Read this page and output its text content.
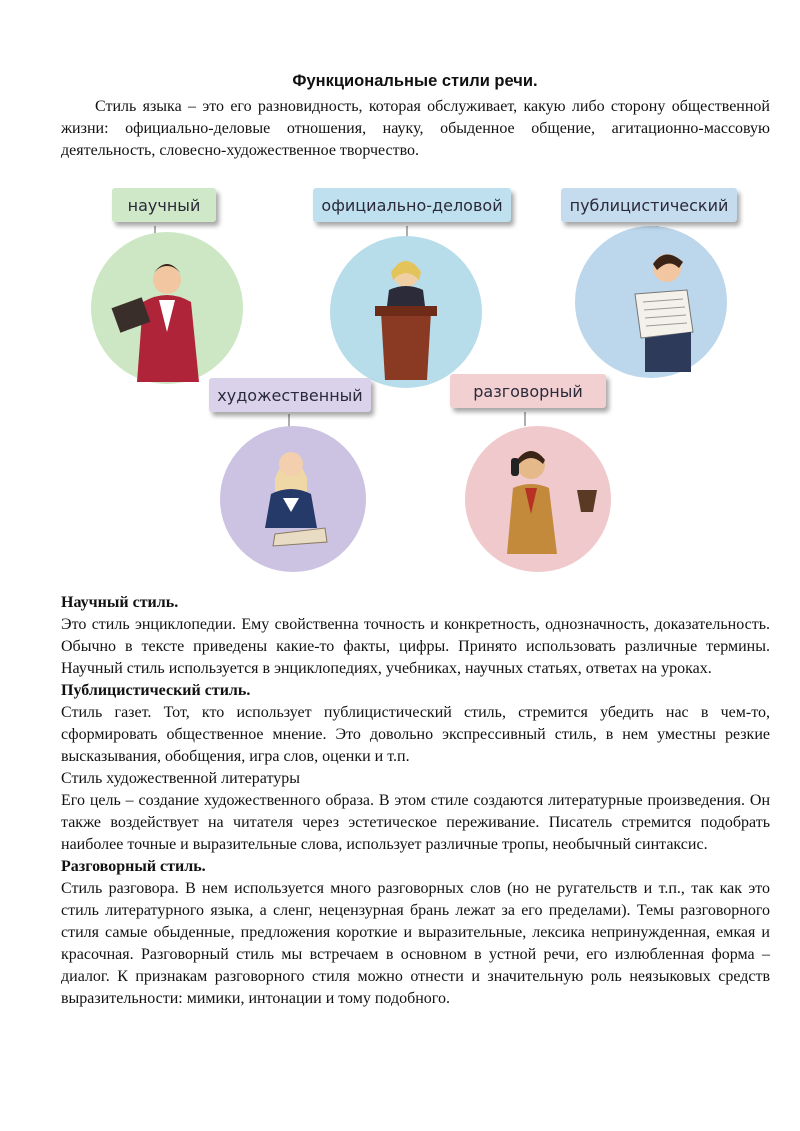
Функциональные стили речи.
Стиль языка – это его разновидность, которая обслуживает, какую либо сторону общественной жизни: официально-деловые отношения, науку, обыденное общение, агитационно-массовую деятельность, словесно-художественное творчество.
научный	официально-деловой	публицистический
художественный	разговорный

Научный стиль.

Это стиль энциклопедии. Ему свойственна точность и конкретность, однозначность, доказательность. Обычно в тексте приведены какие-то факты, цифры. Принято использовать различные термины. Научный стиль используется в энциклопедиях, учебниках, научных статьях, ответах на уроках.

Публицистический стиль.

Стиль газет. Тот, кто использует публицистический стиль, стремится убедить нас в чем-то, сформировать общественное мнение. Это довольно экспрессивный стиль, в нем уместны резкие высказывания, обобщения, игра слов, оценки и т.п.

Стиль художественной литературы

Его цель – создание художественного образа. В этом стиле создаются литературные произведения. Он также воздействует на читателя через эстетическое переживание. Писатель стремится подобрать наиболее точные и выразительные слова, использует различные тропы, необычный синтаксис.

Разговорный стиль.

Стиль разговора. В нем используется много разговорных слов (но не ругательств и т.п., так как это стиль литературного языка, а сленг, нецензурная брань лежат за его пределами). Темы разговорного стиля самые обыденные, предложения короткие и выразительные, лексика непринужденная, емкая и красочная. Разговорный стиль мы встречаем в основном в устной речи, его излюбленная форма – диалог. К признакам разговорного стиля можно отнести и значительную роль неязыковых средств выразительности: мимики, интонации и тому подобного.
